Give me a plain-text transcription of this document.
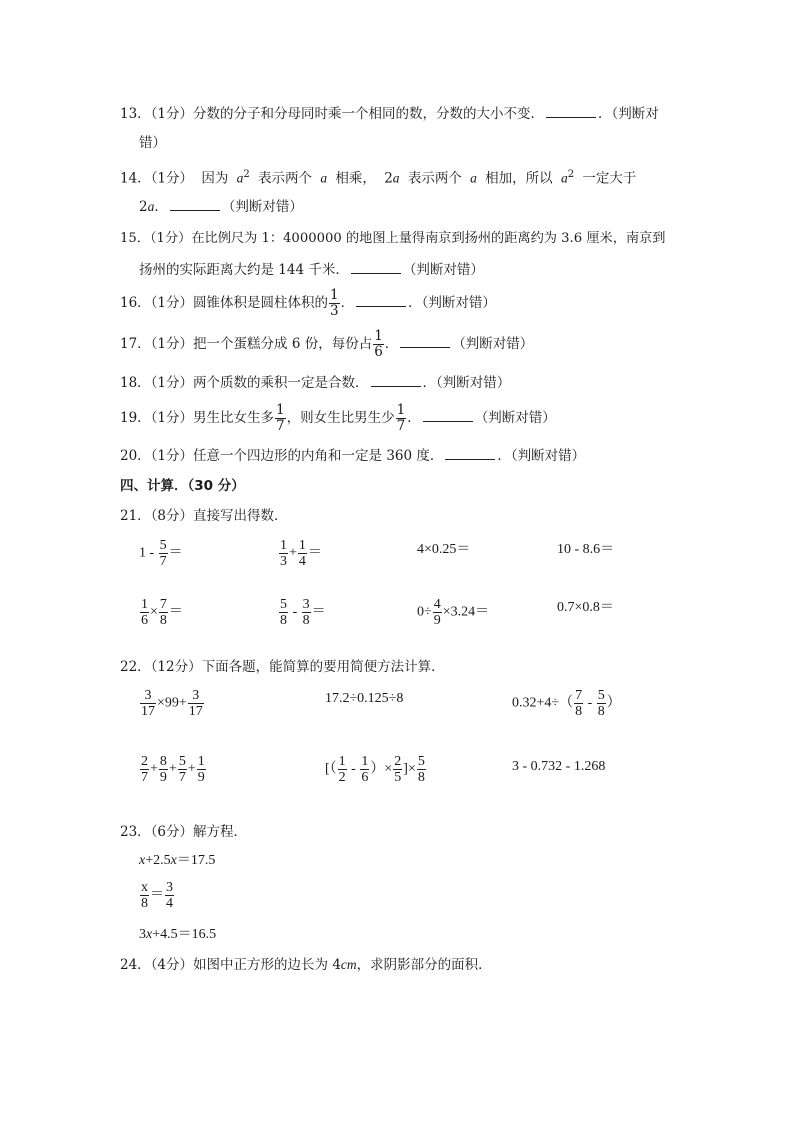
13．（1分）分数的分子和分母同时乘一个相同的数，分数的大小不变．	．（判断对
错）
14．（1分） 因为 $a^2$ 表示两个 a 相乘， 2a 表示两个 a 相加，所以 $a^2$ 一定大于
2a．	（判断对错）
15．（1分）在比例尺为 1：4000000 的地图上量得南京到扬州的距离约为 3.6 厘米，南京到
扬州的实际距离大约是 144 千米．	（判断对错）
16．（1分）圆锥体积是圆柱体积的 $\frac{1}{3}$ ．	．（判断对错）
17．（1分）把一个蛋糕分成 6 份，每份占 $\frac{1}{6}$ ．	（判断对错）
18．（1分）两个质数的乘积一定是合数．	．（判断对错）
19．（1分）男生比女生多 $\frac{1}{7}$ ，则女生比男生少 $\frac{1}{7}$ ．	（判断对错）
20．（1分）任意一个四边形的内角和一定是 360 度．	．（判断对错）
四、计算．（30 分）
21．（8分）直接写出得数．
$1 - \frac{5}{7}$ ＝	$\frac{1}{3} + \frac{1}{4}$ ＝	4×0.25＝	10 - 8.6＝
$\frac{1}{6} \times \frac{7}{8}$ ＝	$\frac{5}{8} - \frac{3}{8}$ ＝	$0\div \frac{4}{9} \times 3.24=$	0.7×0.8＝
22．（12分）下面各题，能简算的要用简便方法计算．
$\frac{3}{17} \times 99+ \frac{3}{17}$	17.2÷0.125÷8	$0.32+4\div( \frac{7}{8} - \frac{5}{8}$ ）
$\frac{2}{7} + \frac{8}{9} + \frac{5}{7} + \frac{1}{9}$	[（ $\frac{1}{2} - \frac{1}{6}$ ）× $\frac{2}{5}$ ]× $\frac{5}{8}$	3 - 0.732 - 1.268
23．（6分）解方程．
x+2.5x＝17.5
$\frac{x}{8} = \frac{3}{4}$
3x+4.5＝16.5
24．（4分）如图中正方形的边长为 4cm，求阴影部分的面积．
